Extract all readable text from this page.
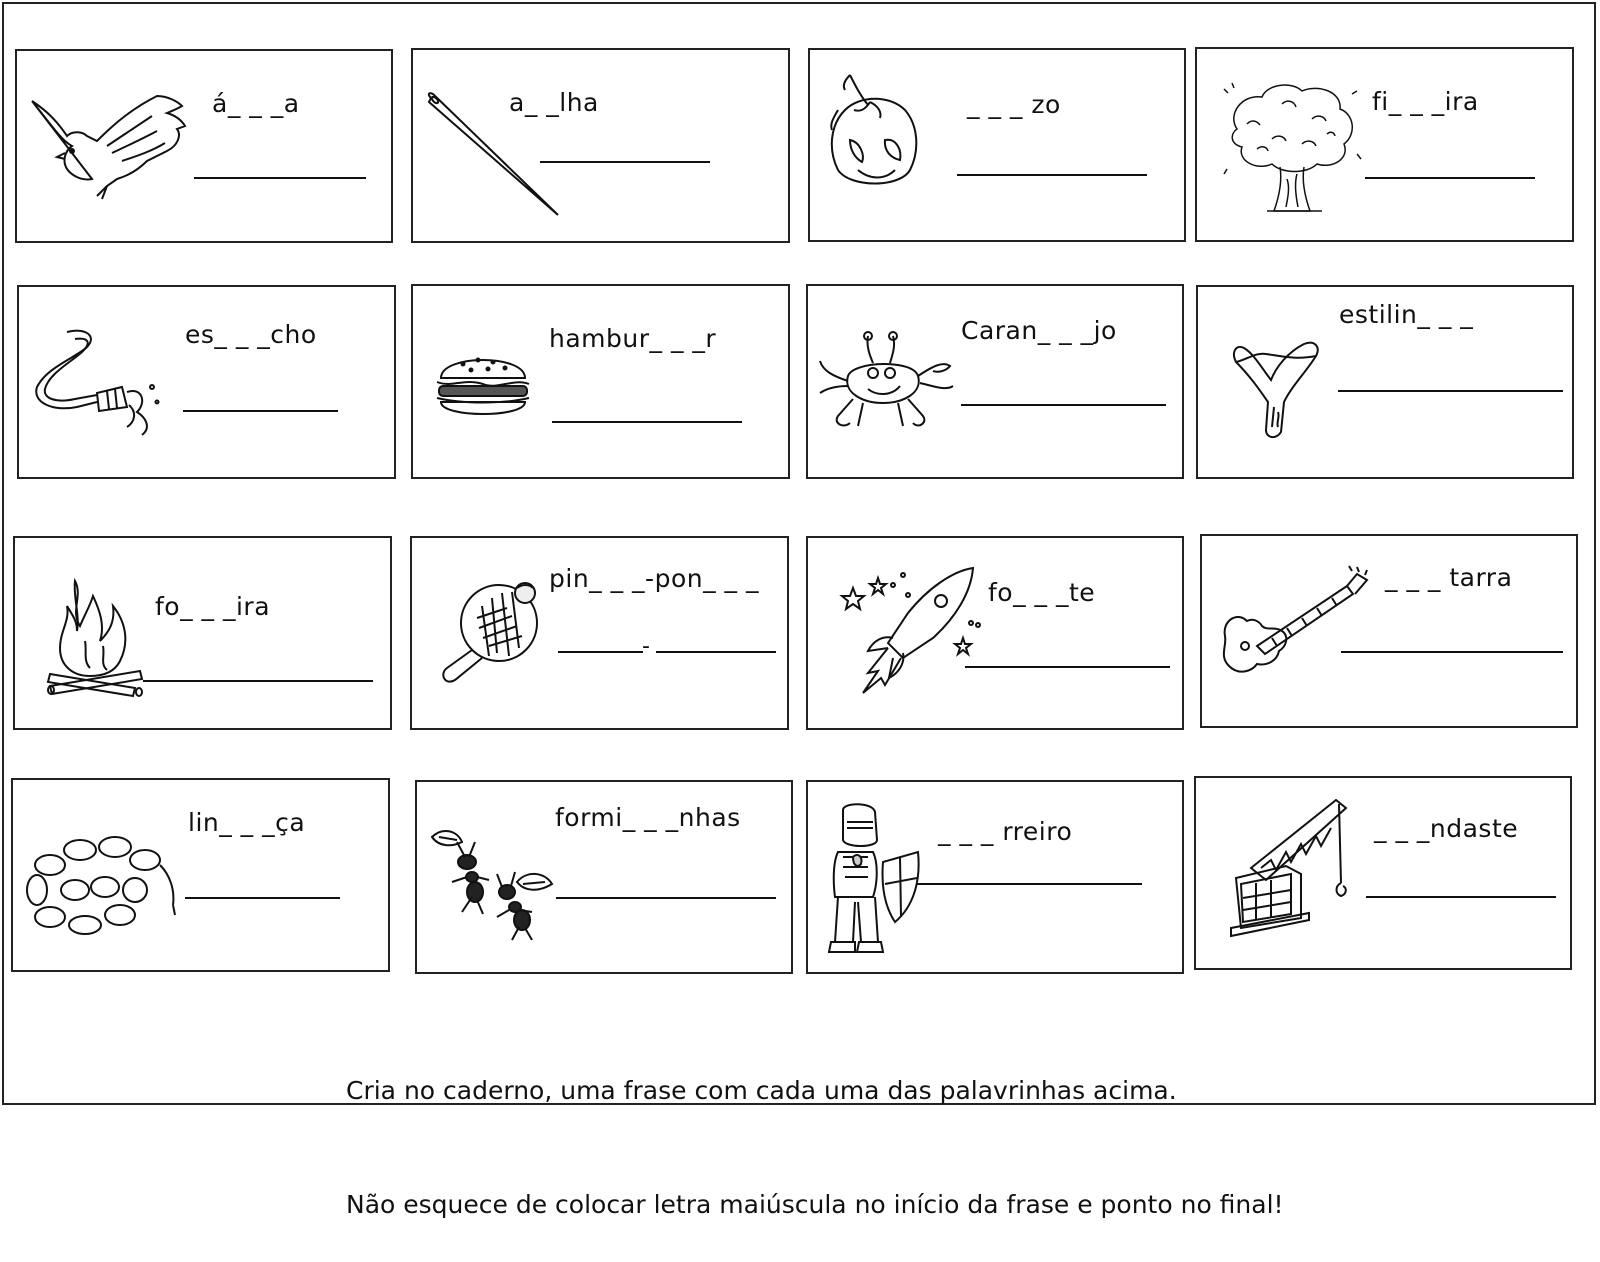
á_ _ _a	a_ _lha	_ _ _ zo	fi_ _ _ira
es_ _ _cho	hambur_ _ _r	Caran_ _ _jo
estilin_ _ _
fo_ _ _ira
pin_ _ _-pon_ _ _
-
fo_ _ _te
_ _ _ tarra
lin_ _ _ça	formi_ _ _nhas	_ _ _ rreiro	_ _ _ndaste

Cria no caderno, uma frase com cada uma das palavrinhas acima.

Não esquece de colocar letra maiúscula no início da frase e ponto no final!
